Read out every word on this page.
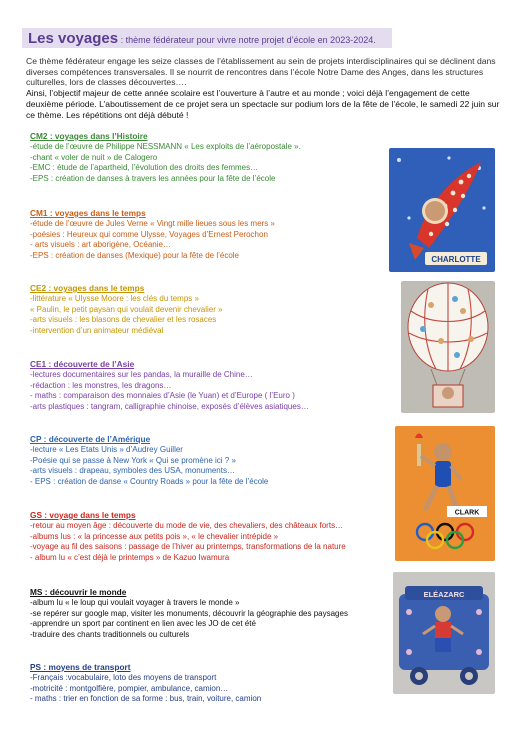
Les voyages : thème fédérateur pour vivre notre projet d’école en 2023-2024.
Ce thème fédérateur engage les seize classes de l’établissement au sein de projets interdisciplinaires qui se déclinent dans diverses compétences transversales. Il se nourrit de rencontres dans l’école Notre Dame des Anges, dans les structures culturelles, lors de classes découvertes….
Ainsi, l’objectif majeur de cette année scolaire est l’ouverture à l’autre et au monde ; voici déjà l’engagement de cette deuxième période. L’aboutissement de ce projet sera un spectacle sur podium lors de la fête de l’école, le samedi 22 juin sur ce thème. Les répétitions ont déjà débuté !
CM2 : voyages dans l’Histoire
-étude de l’œuvre de Philippe NESSMANN « Les exploits de l’aéropostale ».
-chant « voler de nuit » de Calogero
-EMC : étude de l’apartheid, l’évolution des droits des femmes…
-EPS : création de danses à travers les années pour la fête de l’école
CM1 : voyages dans le temps
-étude de l’œuvre de Jules Verne « Vingt mille lieues sous les mers »
-poésies : Heureux qui comme Ulysse, Voyages d’Ernest Perochon
- arts visuels : art aborigène, Océanie…
-EPS : création de danses (Mexique) pour la fête de l’école
CE2 : voyages dans le temps
-littérature « Ulysse Moore : les clés du temps »
« Paulin, le petit paysan qui voulait devenir chevalier »
-arts visuels : les blasons de chevalier et les rosaces
-intervention d’un animateur médiéval
CE1 : découverte de l’Asie
-lectures documentaires sur les pandas, la muraille de Chine…
-rédaction : les monstres, les dragons…
- maths : comparaison des monnaies d’Asie (le Yuan) et d’Europe ( l’Euro )
-arts plastiques : tangram, calligraphie chinoise, exposés d’élèves asiatiques…
CP : découverte de l’Amérique
-lecture « Les Etats Unis » d’Audrey Guiller
-Poésie qui se passe à New York « Qui se promène ici ? »
-arts visuels : drapeau, symboles des USA, monuments…
- EPS : création de danse « Country Roads » pour la fête de l’école
GS : voyage dans le temps
-retour au moyen âge : découverte du mode de vie, des chevaliers, des châteaux forts…
-albums lus : « la princesse aux petits pois », « le chevalier intrépide »
-voyage au fil des saisons : passage de l’hiver au printemps, transformations de la nature
- album lu « c’est déjà le printemps » de Kazuo Iwamura
MS : découvrir le monde
-album lu « le loup qui voulait voyager à travers le monde »
-se repérer sur google map, visiter les monuments, découvrir la géographie des paysages
-apprendre un sport par continent en lien avec les JO de cet été
-traduire des chants traditionnels ou culturels
PS : moyens de transport
-Français :vocabulaire, loto des moyens de transport
-motricité : montgolfière, pompier, ambulance, camion…
- maths : trier en fonction de sa forme : bus, train, voiture, camion
CHARLOTTE
CLARK
ELÉAZARC
